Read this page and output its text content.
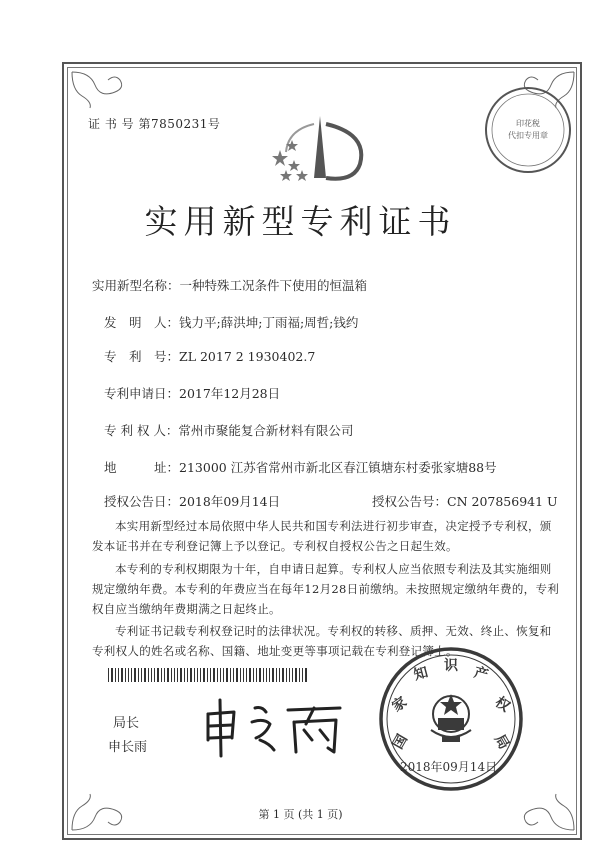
证 书 号 第7850231号	印花税
代扣专用章
实用新型专利证书
实用新型名称：一种特殊工况条件下使用的恒温箱
发　明　人：钱力平;薛洪坤;丁雨福;周哲;钱约
专　利　号：ZL 2017 2 1930402.7
专利申请日：2017年12月28日
专 利 权 人：常州市聚能复合新材料有限公司
地　　　址：213000 江苏省常州市新北区春江镇塘东村委张家塘88号
授权公告日：2018年09月14日	授权公告号：CN 207856941 U
本实用新型经过本局依照中华人民共和国专利法进行初步审查，决定授予专利权，颁发本证书并在专利登记簿上予以登记。专利权自授权公告之日起生效。
本专利的专利权期限为十年，自申请日起算。专利权人应当依照专利法及其实施细则规定缴纳年费。本专利的年费应当在每年12月28日前缴纳。未按照规定缴纳年费的，专利权自应当缴纳年费期满之日起终止。
专利证书记载专利权登记时的法律状况。专利权的转移、质押、无效、终止、恢复和专利权人的姓名或名称、国籍、地址变更等事项记载在专利登记簿上。
局长
申长雨	国
家
知 识 产
权
局
2018年09月14日
第 1 页 (共 1 页)
